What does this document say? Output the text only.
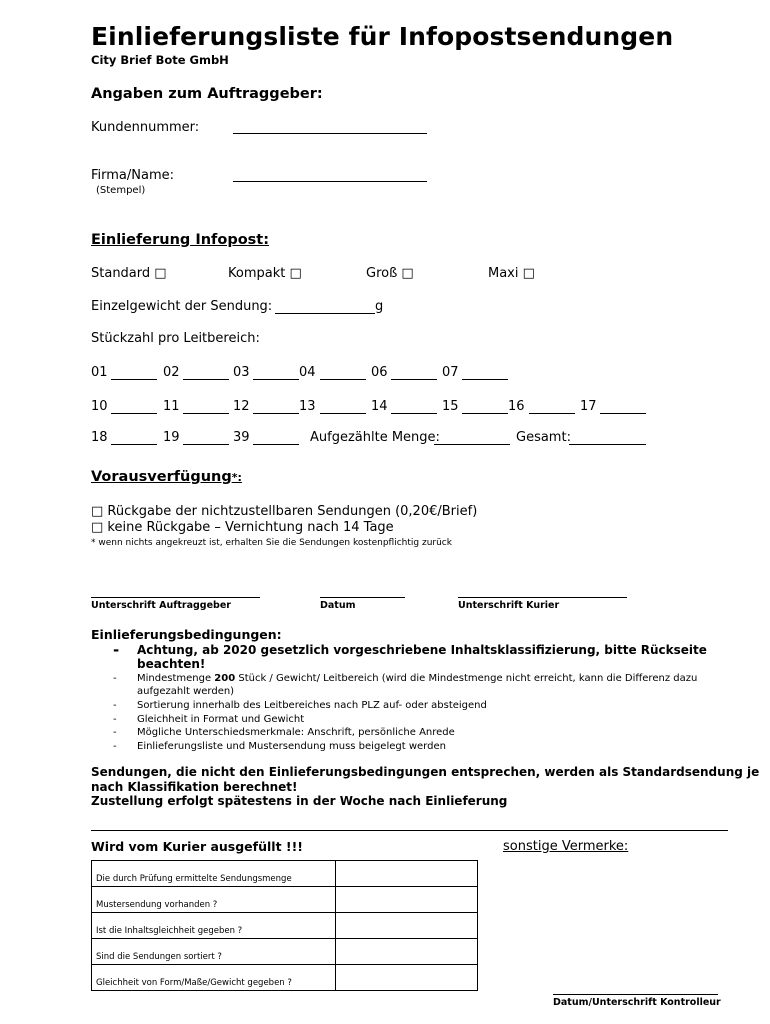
Einlieferungsliste für Infopostsendungen
City Brief Bote GmbH
Angaben zum Auftraggeber:
Kundennummer:
Firma/Name:
(Stempel)
Einlieferung Infopost:
Standard □	Kompakt □	Groß □	Maxi □
Einzelgewicht der Sendung:	g
Stückzahl pro Leitbereich:
01	02	03	04	06	07
10	11	12	13	14	15	16	17
18	19	39	Aufgezählte Menge:	Gesamt:
Vorausverfügung*:
□ Rückgabe der nichtzustellbaren Sendungen (0,20€/Brief)
□ keine Rückgabe – Vernichtung nach 14 Tage
* wenn nichts angekreuzt ist, erhalten Sie die Sendungen kostenpflichtig zurück
Unterschrift Auftraggeber	Datum	Unterschrift Kurier
Einlieferungsbedingungen:
-	Achtung, ab 2020 gesetzlich vorgeschriebene Inhaltsklassifizierung, bitte Rückseite
beachten!
-	Mindestmenge 200 Stück / Gewicht/ Leitbereich (wird die Mindestmenge nicht erreicht, kann die Differenz dazu
aufgezahlt werden)
- Sortierung innerhalb des Leitbereiches nach PLZ auf- oder absteigend
- Gleichheit in Format und Gewicht
- Mögliche Unterschiedsmerkmale: Anschrift, persönliche Anrede
- Einlieferungsliste und Mustersendung muss beigelegt werden
Sendungen, die nicht den Einlieferungsbedingungen entsprechen, werden als Standardsendung je
nach Klassifikation berechnet!
Zustellung erfolgt spätestens in der Woche nach Einlieferung
Wird vom Kurier ausgefüllt !!!	sonstige Vermerke:
Die durch Prüfung ermittelte Sendungsmenge	
Mustersendung vorhanden ?	
Ist die Inhaltsgleichheit gegeben ?	
Sind die Sendungen sortiert ?	
Gleichheit von Form/Maße/Gewicht gegeben ?	
Datum/Unterschrift Kontrolleur
